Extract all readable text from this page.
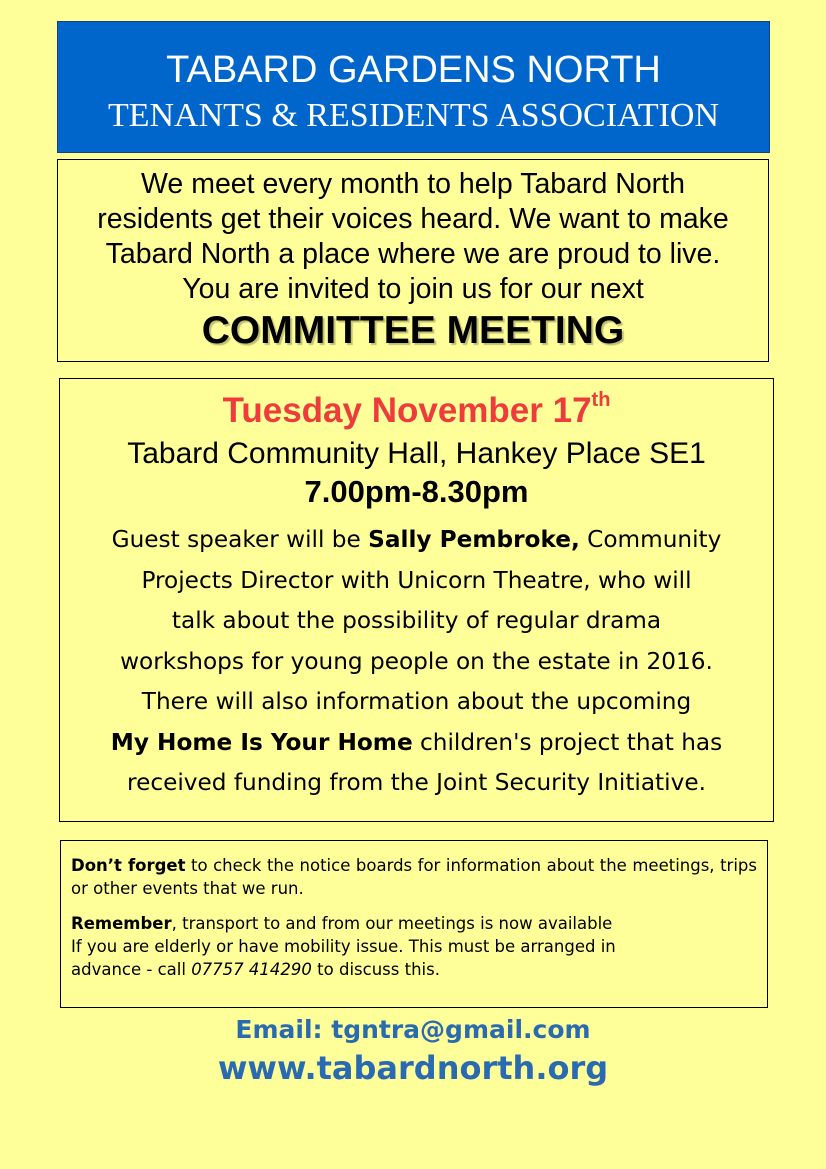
TABARD GARDENS NORTH
TENANTS & RESIDENTS ASSOCIATION
We meet every month to help Tabard North
residents get their voices heard. We want to make
Tabard North a place where we are proud to live.
You are invited to join us for our next
COMMITTEE MEETING
Tuesday November 17th
Tabard Community Hall, Hankey Place SE1
7.00pm-8.30pm
Guest speaker will be Sally Pembroke, Community
Projects Director with Unicorn Theatre, who will
talk about the possibility of regular drama
workshops for young people on the estate in 2016.
There will also information about the upcoming
My Home Is Your Home children's project that has
received funding from the Joint Security Initiative.

Don’t forget to check the notice boards for information about the meetings, trips or other events that we run.

Remember, transport to and from our meetings is now available
If you are elderly or have mobility issue. This must be arranged in
advance - call 07757 414290 to discuss this.

Email: tgntra@gmail.com
www.tabardnorth.org
